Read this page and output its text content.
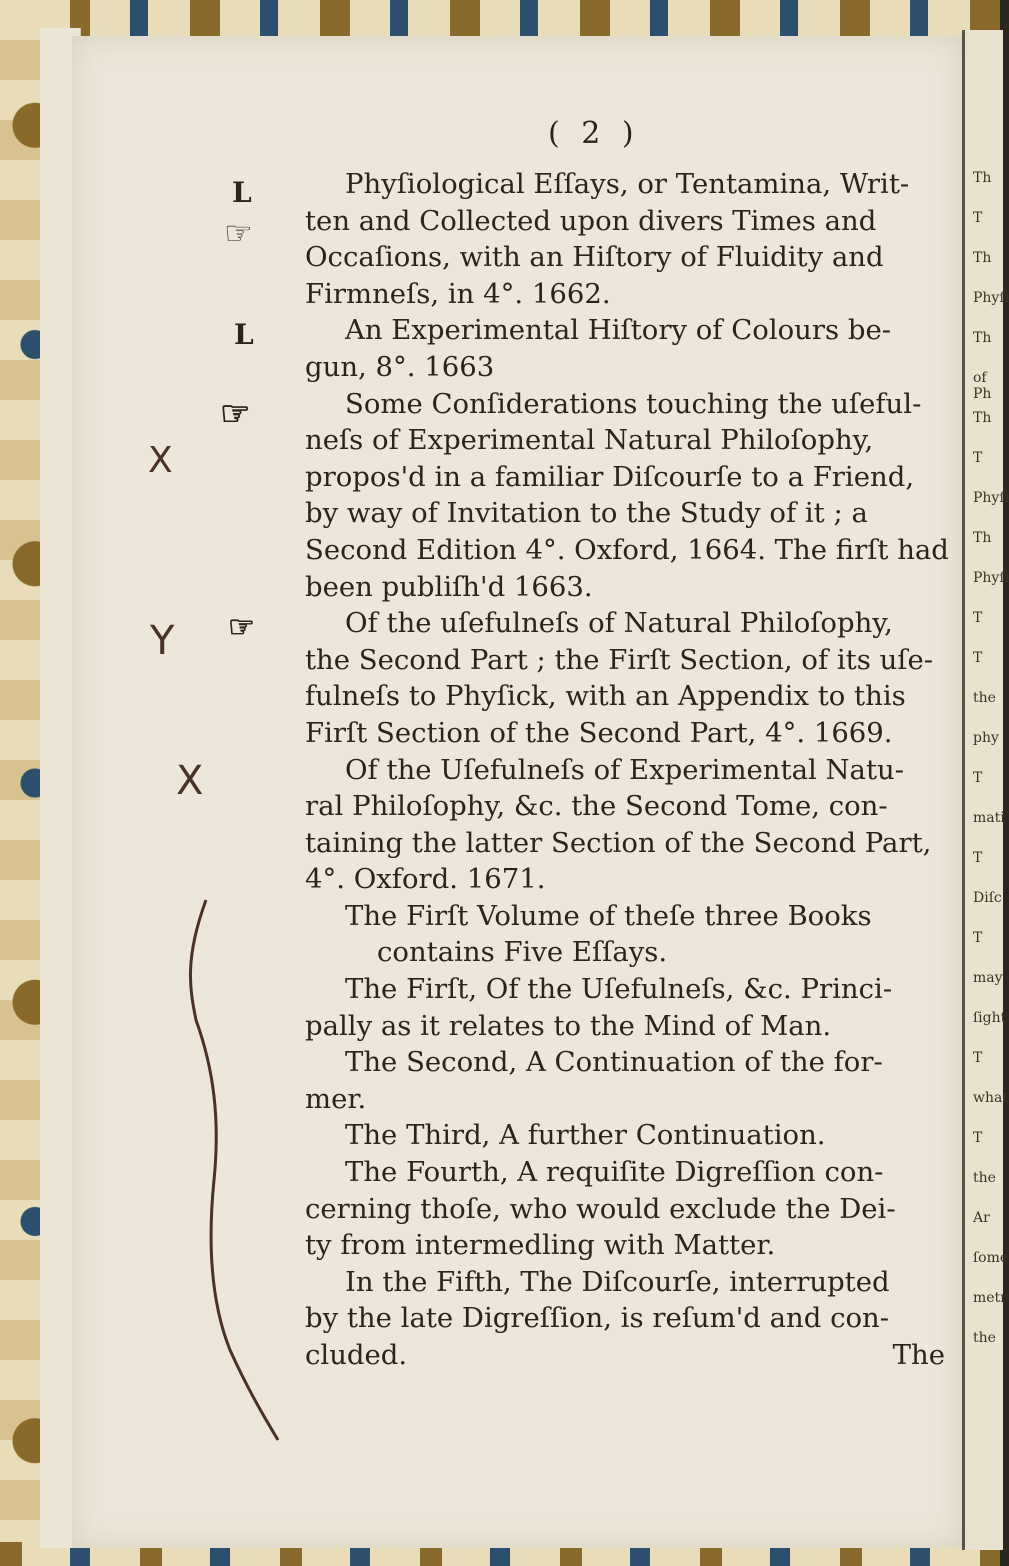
Th
T
Th
Phyſi
Th
of Ph
Th
T
Phyſi
Th
Phyſi
T
T
the
phy
T
mati
T
Diſc
T
may
ſight
T
what
T
the
Ar
ſome
metr
the
( 2 )
L
☞
L
☞
☞
X
Y
X
Phyſiological Eſſays, or Tentamina, Writ-
ten and Collected upon divers Times and
Occaſions, with an Hiſtory of Fluidity and
Firmneſs, in 4°. 1662.
An Experimental Hiſtory of Colours be-
gun, 8°. 1663
Some Conſiderations touching the uſeful-
neſs of Experimental Natural Philoſophy,
propos'd in a familiar Diſcourſe to a Friend,
by way of Invitation to the Study of it ; a
Second Edition 4°. Oxford, 1664. The firſt had
been publiſh'd 1663.
Of the uſefulneſs of Natural Philoſophy,
the Second Part ; the Firſt Section, of its uſe-
fulneſs to Phyſick, with an Appendix to this
Firſt Section of the Second Part, 4°. 1669.
Of the Uſefulneſs of Experimental Natu-
ral Philoſophy, &c. the Second Tome, con-
taining the latter Section of the Second Part,
4°. Oxford. 1671.
The Firſt Volume of theſe three Books
contains Five Eſſays.
The Firſt, Of the Uſefulneſs, &c. Princi-
pally as it relates to the Mind of Man.
The Second, A Continuation of the for-
mer.
The Third, A further Continuation.
The Fourth, A requiſite Digreſſion con-
cerning thoſe, who would exclude the Dei-
ty from intermedling with Matter.
In the Fifth, The Diſcourſe, interrupted
by the late Digreſſion, is reſum'd and con-
cluded.	The
